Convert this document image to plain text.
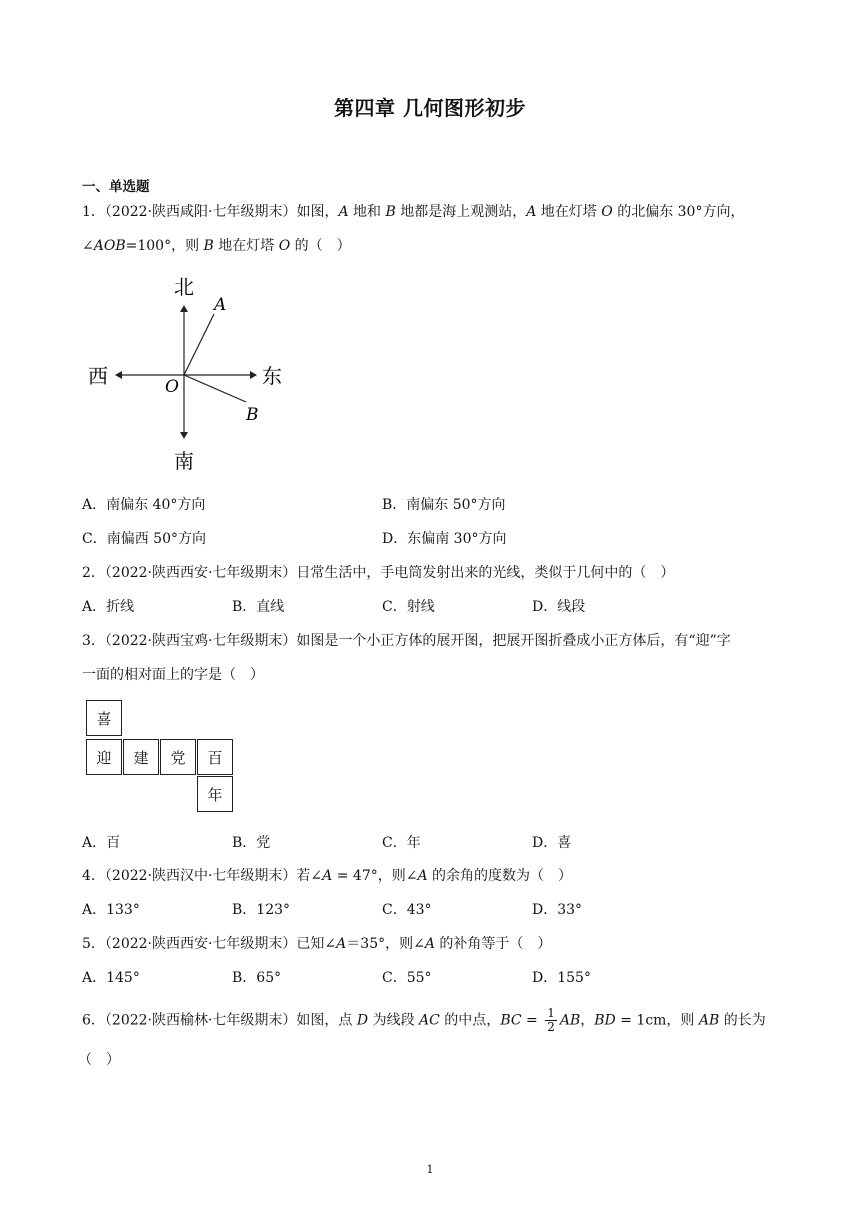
第四章 几何图形初步
一、单选题
1．（2022·陕西咸阳·七年级期末）如图，A 地和 B 地都是海上观测站，A 地在灯塔 O 的北偏东 30°方向，
∠AOB=100°，则 B 地在灯塔 O 的（　）
北
南
东
西
A
B
O
A．南偏东 40°方向	B．南偏东 50°方向
C．南偏西 50°方向	D．东偏南 30°方向
2．（2022·陕西西安·七年级期末）日常生活中，手电筒发射出来的光线，类似于几何中的（　）
A．折线	B．直线	C．射线	D．线段
3．（2022·陕西宝鸡·七年级期末）如图是一个小正方体的展开图，把展开图折叠成小正方体后，有“迎”字
一面的相对面上的字是（　）
喜
迎	建	党	百
年
A．百	B．党	C．年	D．喜
4．（2022·陕西汉中·七年级期末）若∠A = 47°，则∠A 的余角的度数为（　）
A．133°	B．123°	C．43°	D．33°
5．（2022·陕西西安·七年级期末）已知∠A＝35°，则∠A 的补角等于（　）
A．145°	B．65°	C．55°	D．155°
6．（2022·陕西榆林·七年级期末）如图，点 D 为线段 AC 的中点，BC = $\frac{1}{2}$ AB，BD = 1cm，则 AB 的长为
（　）
1
